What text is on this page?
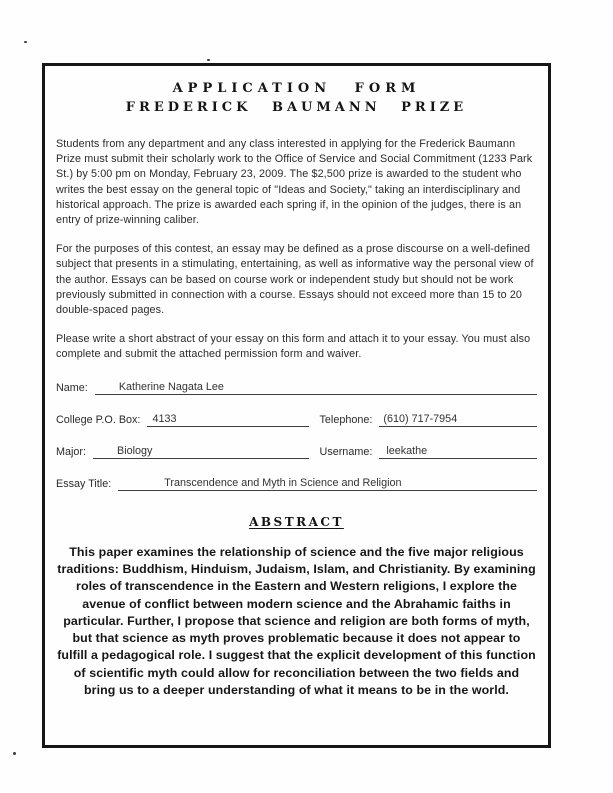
APPLICATION FORM
FREDERICK BAUMANN PRIZE

Students from any department and any class interested in applying for the Frederick Baumann Prize must submit their scholarly work to the Office of Service and Social Commitment (1233 Park St.) by 5:00 pm on Monday, February 23, 2009. The $2,500 prize is awarded to the student who writes the best essay on the general topic of "Ideas and Society," taking an interdisciplinary and historical approach. The prize is awarded each spring if, in the opinion of the judges, there is an entry of prize-winning caliber.

For the purposes of this contest, an essay may be defined as a prose discourse on a well-defined subject that presents in a stimulating, entertaining, as well as informative way the personal view of the author. Essays can be based on course work or independent study but should not be work previously submitted in connection with a course. Essays should not exceed more than 15 to 20 double-spaced pages.

Please write a short abstract of your essay on this form and attach it to your essay. You must also complete and submit the attached permission form and waiver.

Name:	Katherine Nagata Lee
College P.O. Box:	4133	Telephone:	(610) 717-7954
Major:	Biology	Username:	leekathe
Essay Title:	Transcendence and Myth in Science and Religion
ABSTRACT

This paper examines the relationship of science and the five major religious traditions: Buddhism, Hinduism, Judaism, Islam, and Christianity. By examining roles of transcendence in the Eastern and Western religions, I explore the avenue of conflict between modern science and the Abrahamic faiths in particular. Further, I propose that science and religion are both forms of myth, but that science as myth proves problematic because it does not appear to fulfill a pedagogical role. I suggest that the explicit development of this function of scientific myth could allow for reconciliation between the two fields and bring us to a deeper understanding of what it means to be in the world.
